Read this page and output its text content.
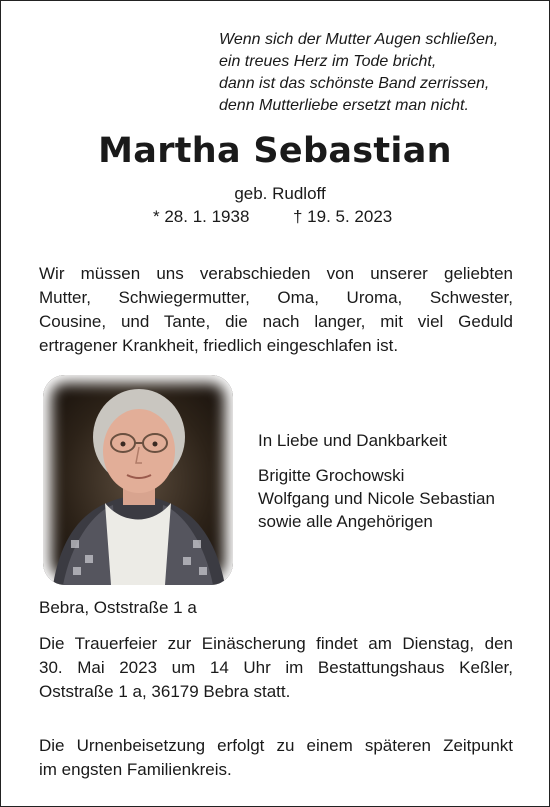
Wenn sich der Mutter Augen schließen,
ein treues Herz im Tode bricht,
dann ist das schönste Band zerrissen,
denn Mutterliebe ersetzt man nicht.
Martha Sebastian
geb. Rudloff
* 28. 1. 1938	† 19. 5. 2023
Wir müssen uns verabschieden von unserer geliebten
Mutter, Schwiegermutter, Oma, Uroma, Schwester,
Cousine, und Tante, die nach langer, mit viel Geduld
ertragener Krankheit, friedlich eingeschlafen ist.
In Liebe und Dankbarkeit
Brigitte Grochowski
Wolfgang und Nicole Sebastian
sowie alle Angehörigen
Bebra, Oststraße 1 a
Die Trauerfeier zur Einäscherung findet am Dienstag, den
30. Mai 2023 um 14 Uhr im Bestattungshaus Keßler,
Oststraße 1 a, 36179 Bebra statt.
Die Urnenbeisetzung erfolgt zu einem späteren Zeitpunkt
im engsten Familienkreis.
